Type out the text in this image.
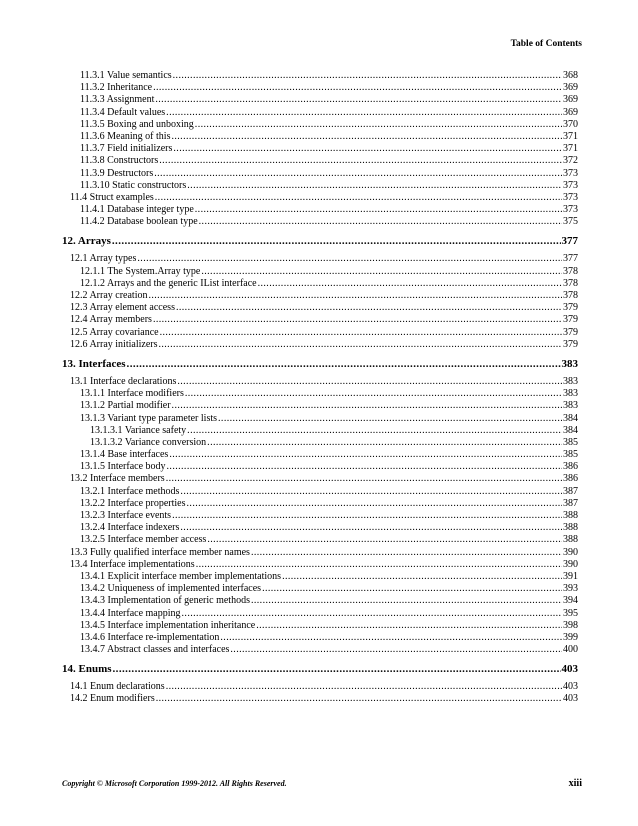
Table of Contents
11.3.1 Value semantics .....	368
11.3.2 Inheritance .....	369
11.3.3 Assignment .....	369
11.3.4 Default values .....	369
11.3.5 Boxing and unboxing .....	370
11.3.6 Meaning of this .....	371
11.3.7 Field initializers .....	371
11.3.8 Constructors .....	372
11.3.9 Destructors .....	373
11.3.10 Static constructors .....	373
11.4 Struct examples .....	373
11.4.1 Database integer type .....	373
11.4.2 Database boolean type .....	375
12. Arrays .....	377
12.1 Array types .....	377
12.1.1 The System.Array type .....	378
12.1.2 Arrays and the generic IList interface .....	378
12.2 Array creation .....	378
12.3 Array element access .....	379
12.4 Array members .....	379
12.5 Array covariance .....	379
12.6 Array initializers .....	379
13. Interfaces .....	383
13.1 Interface declarations .....	383
13.1.1 Interface modifiers .....	383
13.1.2 Partial modifier .....	383
13.1.3 Variant type parameter lists .....	384
13.1.3.1 Variance safety .....	384
13.1.3.2 Variance conversion .....	385
13.1.4 Base interfaces .....	385
13.1.5 Interface body .....	386
13.2 Interface members .....	386
13.2.1 Interface methods .....	387
13.2.2 Interface properties .....	387
13.2.3 Interface events .....	388
13.2.4 Interface indexers .....	388
13.2.5 Interface member access .....	388
13.3 Fully qualified interface member names .....	390
13.4 Interface implementations .....	390
13.4.1 Explicit interface member implementations .....	391
13.4.2 Uniqueness of implemented interfaces .....	393
13.4.3 Implementation of generic methods .....	394
13.4.4 Interface mapping .....	395
13.4.5 Interface implementation inheritance .....	398
13.4.6 Interface re-implementation .....	399
13.4.7 Abstract classes and interfaces .....	400
14. Enums .....	403
14.1 Enum declarations .....	403
14.2 Enum modifiers .....	403
Copyright © Microsoft Corporation 1999-2012. All Rights Reserved.	xiii
